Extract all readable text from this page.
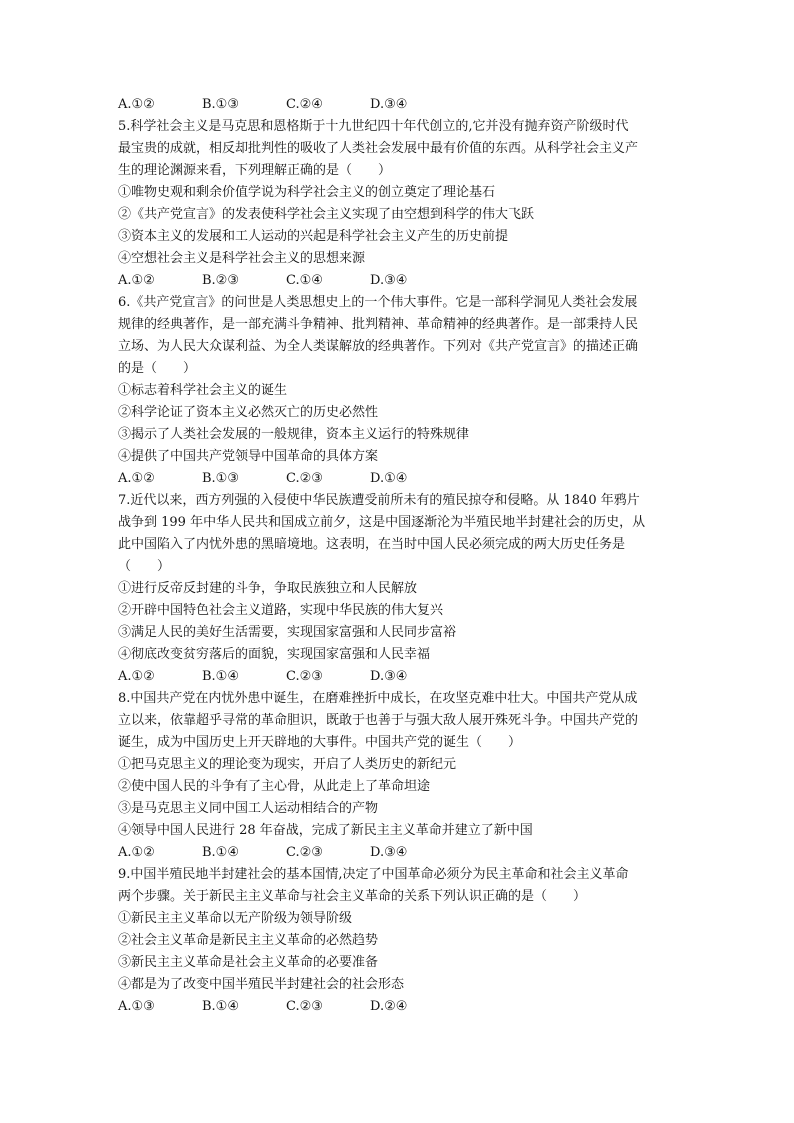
A.①②	B.①③	C.②④	D.③④
5.科学社会主义是马克思和恩格斯于十九世纪四十年代创立的,它并没有抛弃资产阶级时代
最宝贵的成就，相反却批判性的吸收了人类社会发展中最有价值的东西。从科学社会主义产
生的理论渊源来看，下列理解正确的是（　　）
①唯物史观和剩余价值学说为科学社会主义的创立奠定了理论基石
②《共产党宣言》的发表使科学社会主义实现了由空想到科学的伟大飞跃
③资本主义的发展和工人运动的兴起是科学社会主义产生的历史前提
④空想社会主义是科学社会主义的思想来源
A.①②	B.②③	C.①④	D.③④
6.《共产党宣言》的问世是人类思想史上的一个伟大事件。它是一部科学洞见人类社会发展
规律的经典著作，是一部充满斗争精神、批判精神、革命精神的经典著作。是一部秉持人民
立场、为人民大众谋利益、为全人类谋解放的经典著作。下列对《共产党宣言》的描述正确
的是（　　）
①标志着科学社会主义的诞生
②科学论证了资本主义必然灭亡的历史必然性
③揭示了人类社会发展的一般规律，资本主义运行的特殊规律
④提供了中国共产党领导中国革命的具体方案
A.①②	B.①③	C.②③	D.①④
7.近代以来，西方列强的入侵使中华民族遭受前所未有的殖民掠夺和侵略。从 1840 年鸦片
战争到 199 年中华人民共和国成立前夕，这是中国逐渐沦为半殖民地半封建社会的历史，从
此中国陷入了内忧外患的黑暗境地。这表明，在当时中国人民必须完成的两大历史任务是
（　　）
①进行反帝反封建的斗争，争取民族独立和人民解放
②开辟中国特色社会主义道路，实现中华民族的伟大复兴
③满足人民的美好生活需要，实现国家富强和人民同步富裕
④彻底改变贫穷落后的面貌，实现国家富强和人民幸福
A.①②	B.①④	C.②③	D.③④
8.中国共产党在内忧外患中诞生，在磨难挫折中成长，在攻坚克难中壮大。中国共产党从成
立以来，依靠超乎寻常的革命胆识，既敢于也善于与强大敌人展开殊死斗争。中国共产党的
诞生，成为中国历史上开天辟地的大事件。中国共产党的诞生（　　）
①把马克思主义的理论变为现实，开启了人类历史的新纪元
②使中国人民的斗争有了主心骨，从此走上了革命坦途
③是马克思主义同中国工人运动相结合的产物
④领导中国人民进行 28 年奋战，完成了新民主主义革命并建立了新中国
A.①②	B.①④	C.②③	D.③④
9.中国半殖民地半封建社会的基本国情,决定了中国革命必须分为民主革命和社会主义革命
两个步骤。关于新民主主义革命与社会主义革命的关系下列认识正确的是（　　）
①新民主主义革命以无产阶级为领导阶级
②社会主义革命是新民主主义革命的必然趋势
③新民主主义革命是社会主义革命的必要准备
④都是为了改变中国半殖民半封建社会的社会形态
A.①③	B.①④	C.②③	D.②④
